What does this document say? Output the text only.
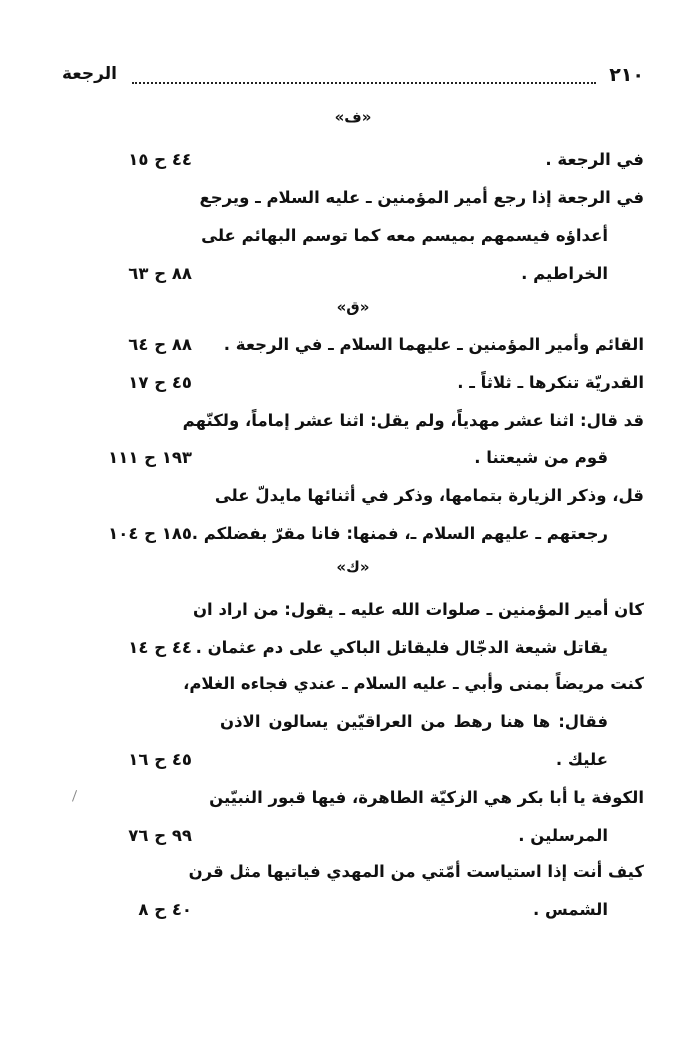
٢١٠
الرجعة
«ف»
في الرجعة .
٤٤ ح ١٥
في الرجعة إذا رجع أمير المؤمنين ـ عليه السلام ـ ويرجع
أعداؤه فيسمهم بميسم معه كما توسم البهائم على
الخراطيم .
٨٨ ح ٦٣
«ق»
القائم وأمير المؤمنين ـ عليهما السلام ـ في الرجعة .
٨٨ ح ٦٤
القدريّة تنكرها ـ ثلاثاً ـ .
٤٥ ح ١٧
قد قال: اثنا عشر مهدياً، ولم يقل: اثنا عشر إماماً، ولكنّهم
قوم من شيعتنا .
١٩٣ ح ١١١
قل، وذكر الزيارة بتمامها، وذكر في أثنائها مايدلّ على
رجعتهم ـ عليهم السلام ـ، فمنها: فانا مقرّ بفضلكم .
١٨٥ ح ١٠٤
«ك»
كان أمير المؤمنين ـ صلوات الله عليه ـ يقول: من اراد ان
يقاتل شيعة الدجّال فليقاتل الباكي على دم عثمان .
٤٤ ح ١٤
كنت مريضاً بمنى وأبي ـ عليه السلام ـ عندي فجاءه الغلام،
فقال: ها هنا رهط من العراقيّين يسالون الاذن
عليك .
٤٥ ح ١٦
الكوفة يا أبا بكر هي الزكيّة الطاهرة، فيها قبور النبيّين
المرسلين .
٩٩ ح ٧٦
كيف أنت إذا استياست أمّتي من المهدي فياتيها مثل قرن
الشمس .
٤٠ ح ٨
